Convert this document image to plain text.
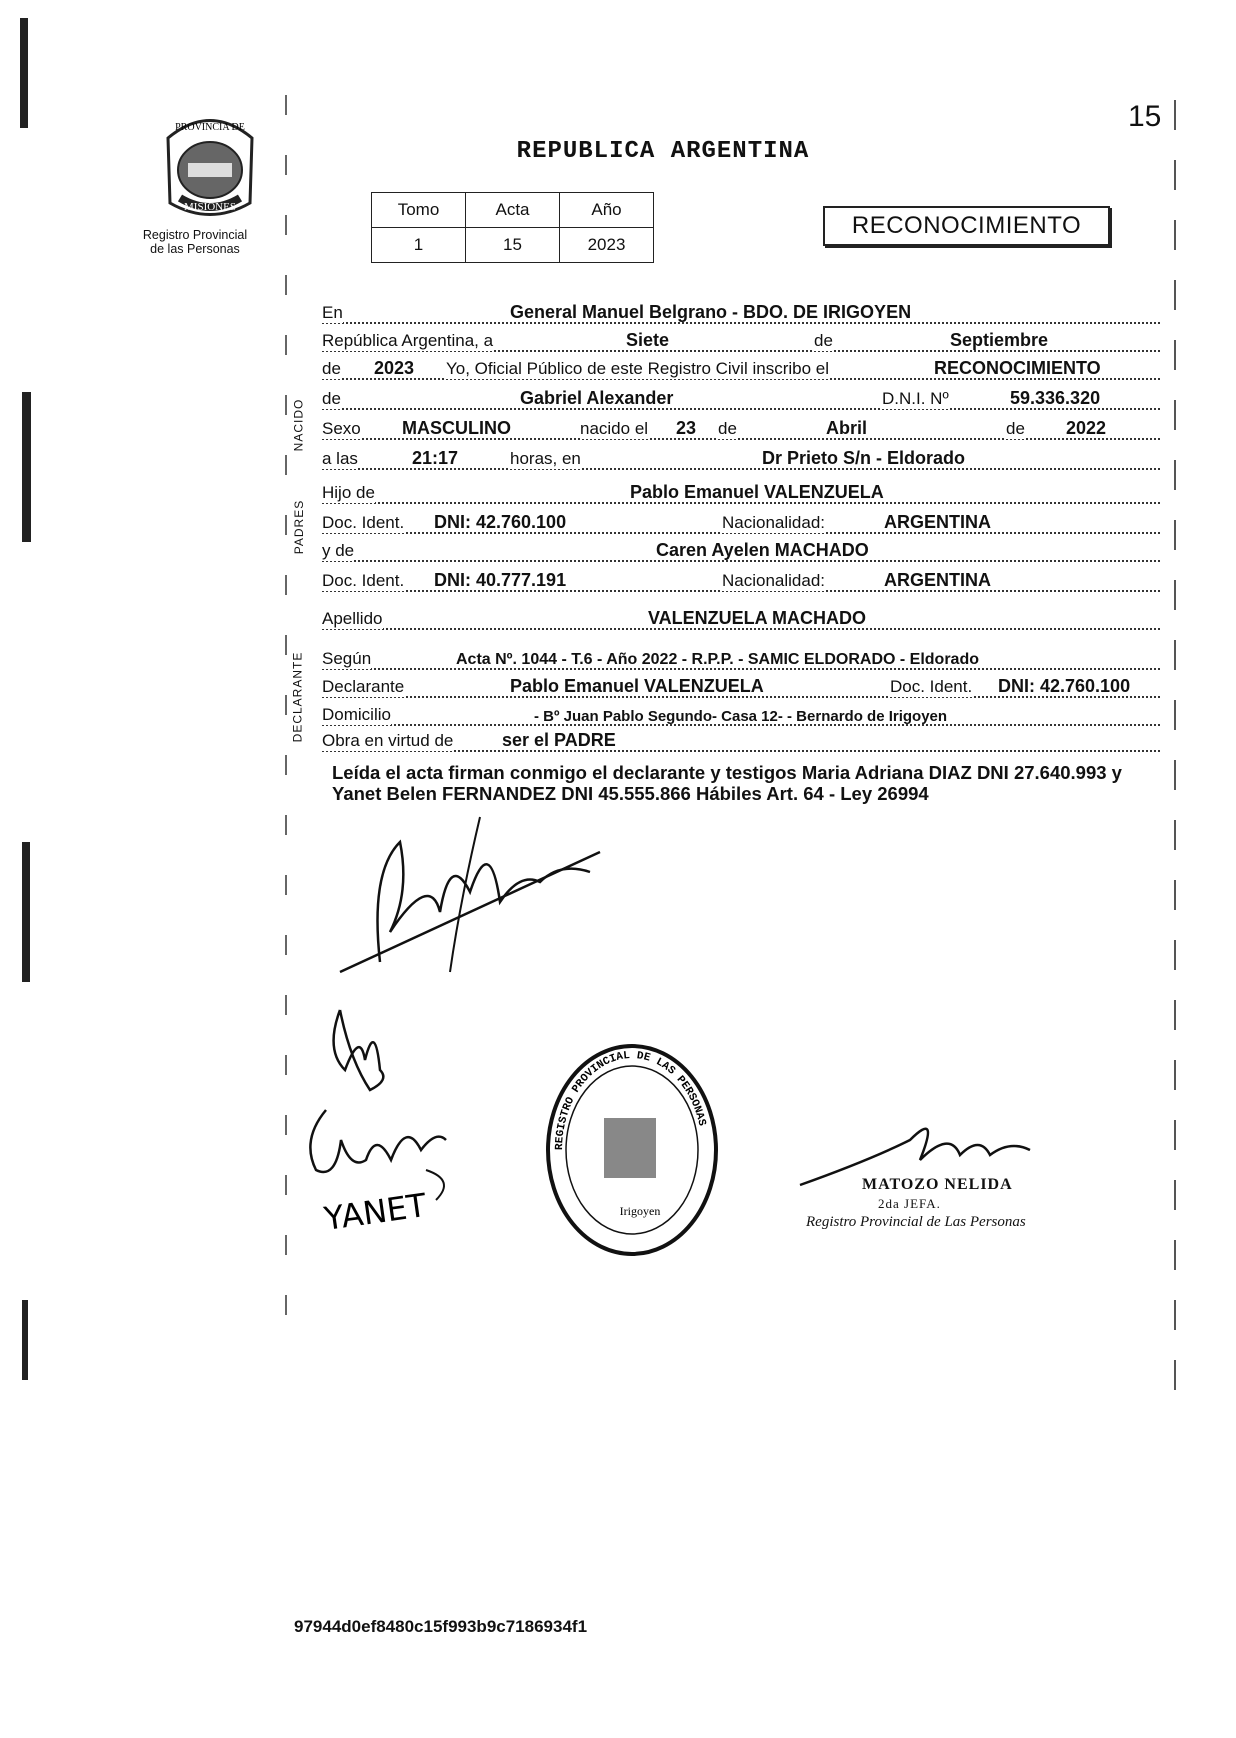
15
PROVINCIA DE
MISIONES
Registro Provincial
de las Personas
REPUBLICA ARGENTINA
Tomo	Acta	Año
1	15	2023
RECONOCIMIENTO
NACIDO
PADRES
DECLARANTE
En	General Manuel Belgrano - BDO. DE IRIGOYEN
República Argentina, a	Siete	de	Septiembre
de 2023 Yo, Oficial Público de este Registro Civil inscribo el	RECONOCIMIENTO
de	Gabriel Alexander	D.N.I. Nº	59.336.320
Sexo MASCULINO	nacido el 23 de	Abril	de 2022
a las	21:17	horas, en	Dr Prieto S/n - Eldorado
Hijo de	Pablo Emanuel VALENZUELA
Doc. Ident. DNI: 42.760.100	Nacionalidad:	ARGENTINA
y de	Caren Ayelen MACHADO
Doc. Ident. DNI: 40.777.191	Nacionalidad:	ARGENTINA
Apellido	VALENZUELA MACHADO
Según	Acta Nº. 1044 - T.6 - Año 2022 - R.P.P. - SAMIC ELDORADO - Eldorado
Declarante	Pablo Emanuel VALENZUELA	Doc. Ident. DNI: 42.760.100
Domicilio	- Bº Juan Pablo Segundo- Casa 12- - Bernardo de Irigoyen
Obra en virtud de	ser el PADRE
Leída el acta firman conmigo el declarante y testigos Maria Adriana DIAZ DNI 27.640.993 y Yanet Belen FERNANDEZ DNI 45.555.866 Hábiles Art. 64 - Ley 26994
YANET
REGISTRO PROVINCIAL DE LAS PERSONAS
Irigoyen
MATOZO NELIDA
2da JEFA.
Registro Provincial de Las Personas
97944d0ef8480c15f993b9c7186934f1
